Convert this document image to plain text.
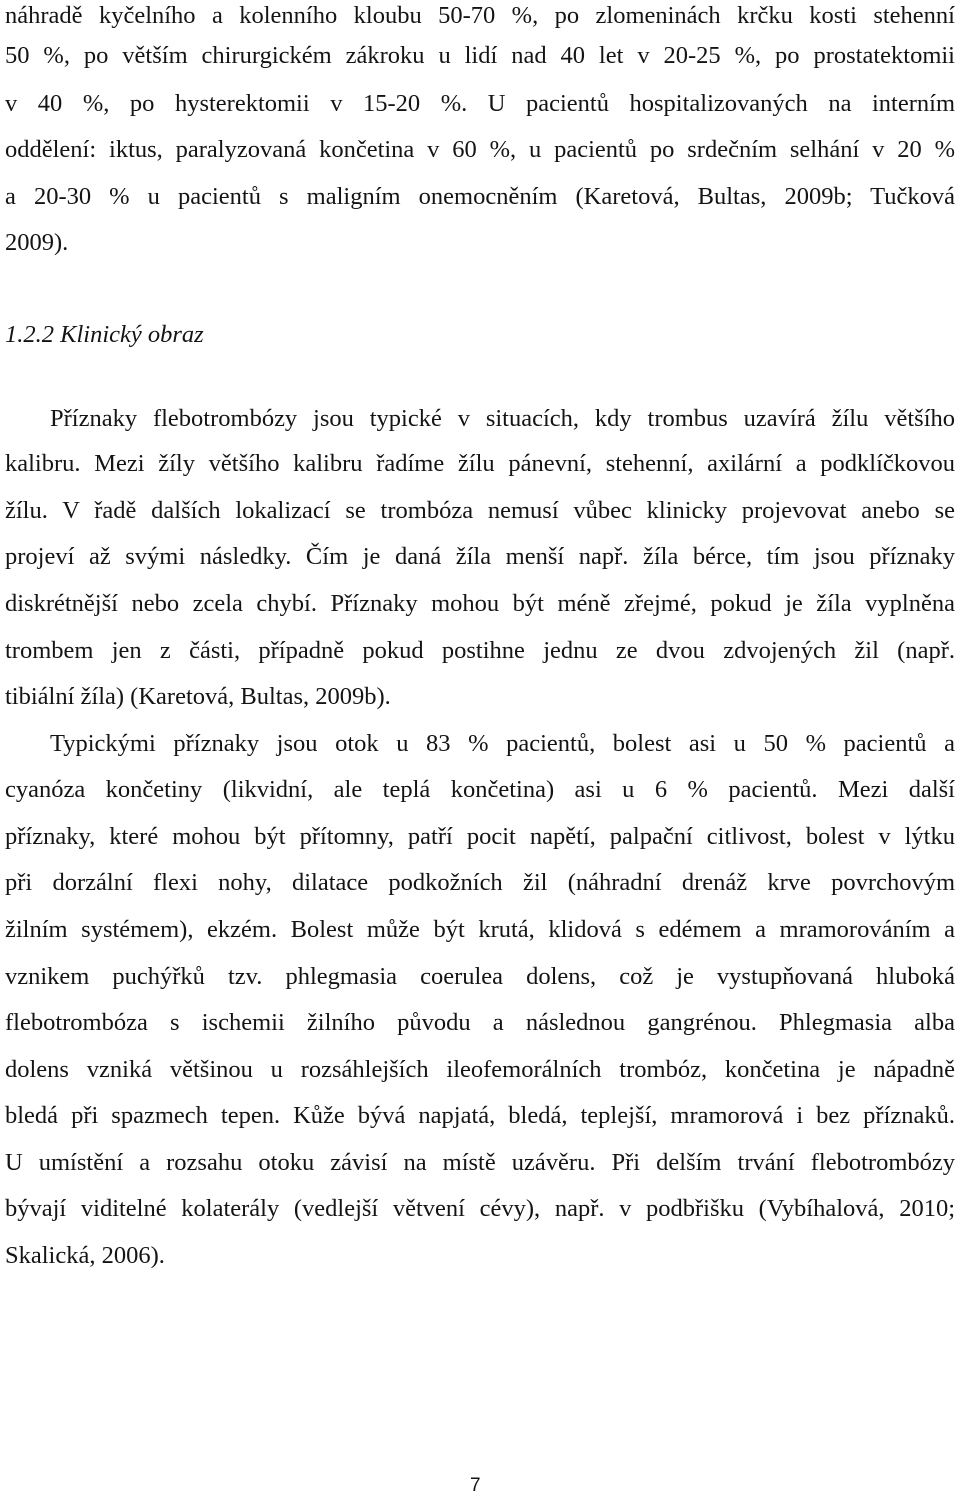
náhradě kyčelního a kolenního kloubu 50-70 %, po zlomeninách krčku kosti stehenní
50 %, po větším chirurgickém zákroku u lidí nad 40 let v 20-25 %, po prostatektomii
v 40 %, po hysterektomii v 15-20 %. U pacientů hospitalizovaných na interním
oddělení: iktus, paralyzovaná končetina v 60 %, u pacientů po srdečním selhání v 20 %
a 20-30 % u pacientů s maligním onemocněním (Karetová, Bultas, 2009b; Tučková
2009).
1.2.2 Klinický obraz
Příznaky flebotrombózy jsou typické v situacích, kdy trombus uzavírá žílu většího
kalibru. Mezi žíly většího kalibru řadíme žílu pánevní, stehenní, axilární a podklíčkovou
žílu. V řadě dalších lokalizací se trombóza nemusí vůbec klinicky projevovat anebo se
projeví až svými následky. Čím je daná žíla menší např. žíla bérce, tím jsou příznaky
diskrétnější nebo zcela chybí. Příznaky mohou být méně zřejmé, pokud je žíla vyplněna
trombem jen z části, případně pokud postihne jednu ze dvou zdvojených žil (např.
tibiální žíla) (Karetová, Bultas, 2009b).
Typickými příznaky jsou otok u 83 % pacientů, bolest asi u 50 % pacientů a
cyanóza končetiny (likvidní, ale teplá končetina) asi u 6 % pacientů. Mezi další
příznaky, které mohou být přítomny, patří pocit napětí, palpační citlivost, bolest v lýtku
při dorzální flexi nohy, dilatace podkožních žil (náhradní drenáž krve povrchovým
žilním systémem), ekzém. Bolest může být krutá, klidová s edémem a mramorováním a
vznikem puchýřků tzv. phlegmasia coerulea dolens, což je vystupňovaná hluboká
flebotrombóza s ischemii žilního původu a následnou gangrénou. Phlegmasia alba
dolens vzniká většinou u rozsáhlejších ileofemorálních trombóz, končetina je nápadně
bledá při spazmech tepen. Kůže bývá napjatá, bledá, teplejší, mramorová i bez příznaků.
U umístění a rozsahu otoku závisí na místě uzávěru. Při delším trvání flebotrombózy
bývají viditelné kolaterály (vedlejší větvení cévy), např. v podbřišku (Vybíhalová, 2010;
Skalická, 2006).
7
